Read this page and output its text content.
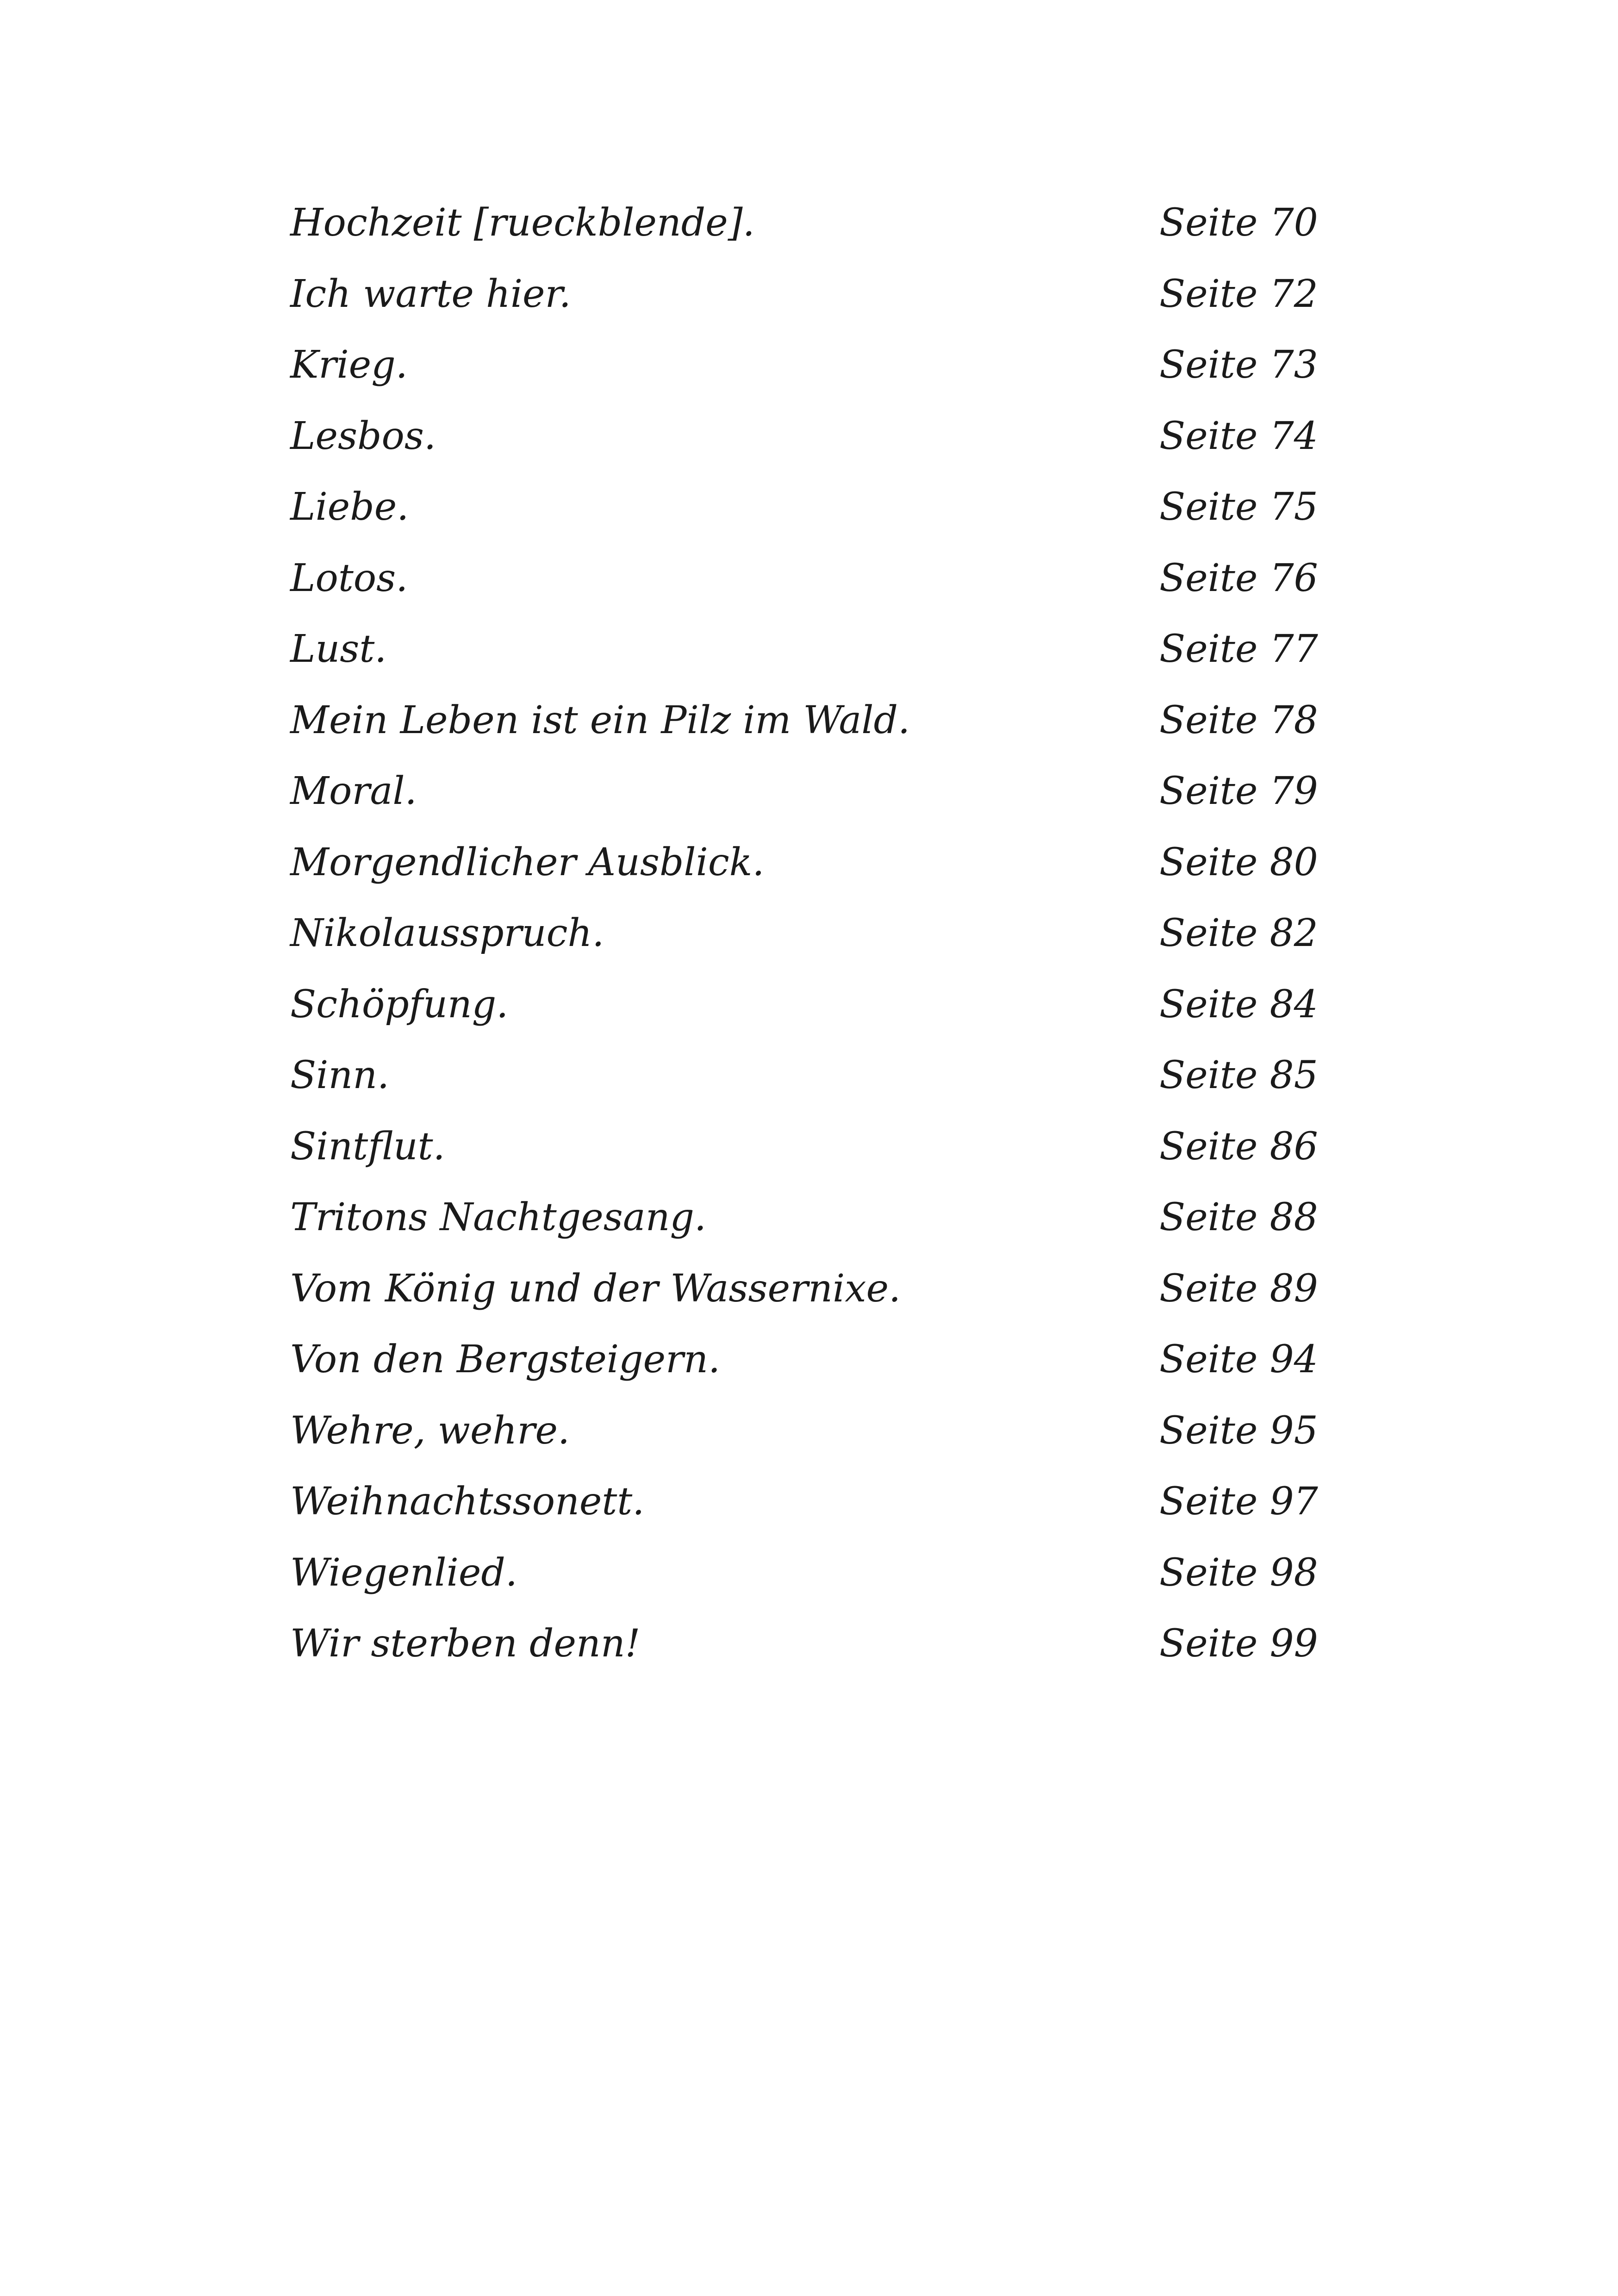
Hochzeit [rueckblende].	Seite 70
Ich warte hier.	Seite 72
Krieg.	Seite 73
Lesbos.	Seite 74
Liebe.	Seite 75
Lotos.	Seite 76
Lust.	Seite 77
Mein Leben ist ein Pilz im Wald.	Seite 78
Moral.	Seite 79
Morgendlicher Ausblick.	Seite 80
Nikolausspruch.	Seite 82
Schöpfung.	Seite 84
Sinn.	Seite 85
Sintflut.	Seite 86
Tritons Nachtgesang.	Seite 88
Vom König und der Wassernixe.	Seite 89
Von den Bergsteigern.	Seite 94
Wehre, wehre.	Seite 95
Weihnachtssonett.	Seite 97
Wiegenlied.	Seite 98
Wir sterben denn!	Seite 99
